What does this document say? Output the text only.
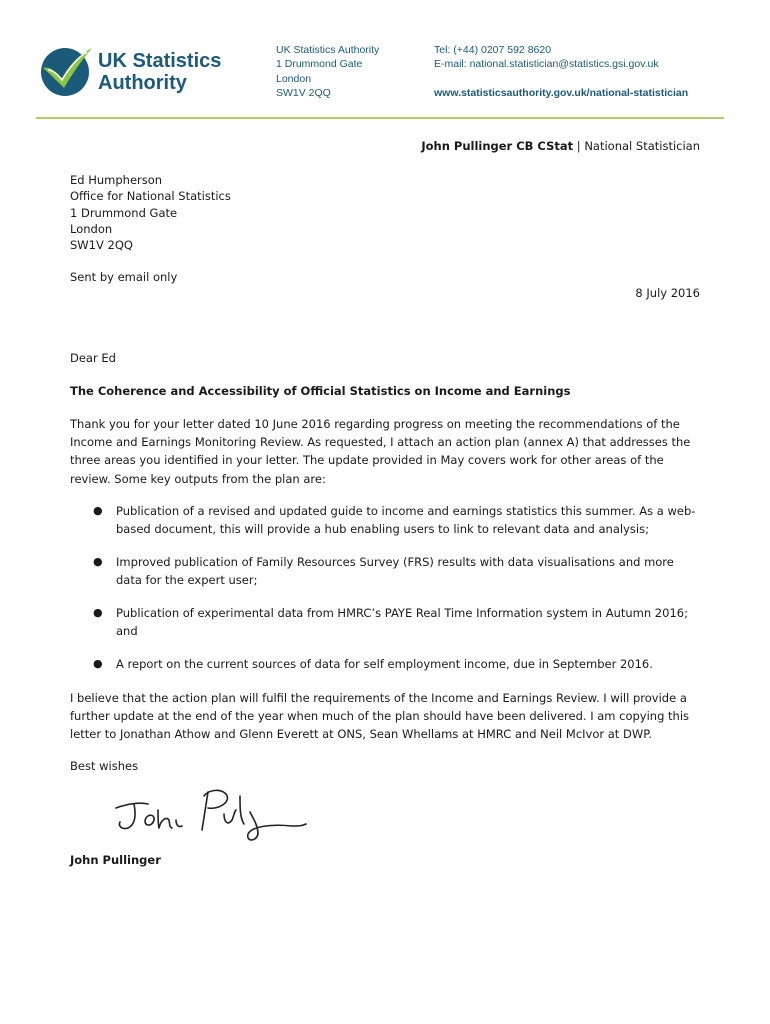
UK Statistics
Authority
UK Statistics Authority
1 Drummond Gate
London
SW1V 2QQ
Tel: (+44) 0207 592 8620
E-mail: national.statistician@statistics.gsi.gov.uk
www.statisticsauthority.gov.uk/national-statistician
John Pullinger CB CStat | National Statistician
Ed Humpherson
Office for National Statistics
1 Drummond Gate
London
SW1V 2QQ
Sent by email only
8 July 2016
Dear Ed
The Coherence and Accessibility of Official Statistics on Income and Earnings
Thank you for your letter dated 10 June 2016 regarding progress on meeting the recommendations of the Income and Earnings Monitoring Review. As requested, I attach an action plan (annex A) that addresses the three areas you identified in your letter. The update provided in May covers work for other areas of the review. Some key outputs from the plan are:
● Publication of a revised and updated guide to income and earnings statistics this summer. As a web-based document, this will provide a hub enabling users to link to relevant data and analysis;
● Improved publication of Family Resources Survey (FRS) results with data visualisations and more data for the expert user;
● Publication of experimental data from HMRC’s PAYE Real Time Information system in Autumn 2016; and
● A report on the current sources of data for self employment income, due in September 2016.
I believe that the action plan will fulfil the requirements of the Income and Earnings Review. I will provide a further update at the end of the year when much of the plan should have been delivered. I am copying this letter to Jonathan Athow and Glenn Everett at ONS, Sean Whellams at HMRC and Neil McIvor at DWP.
Best wishes
John Pullinger
